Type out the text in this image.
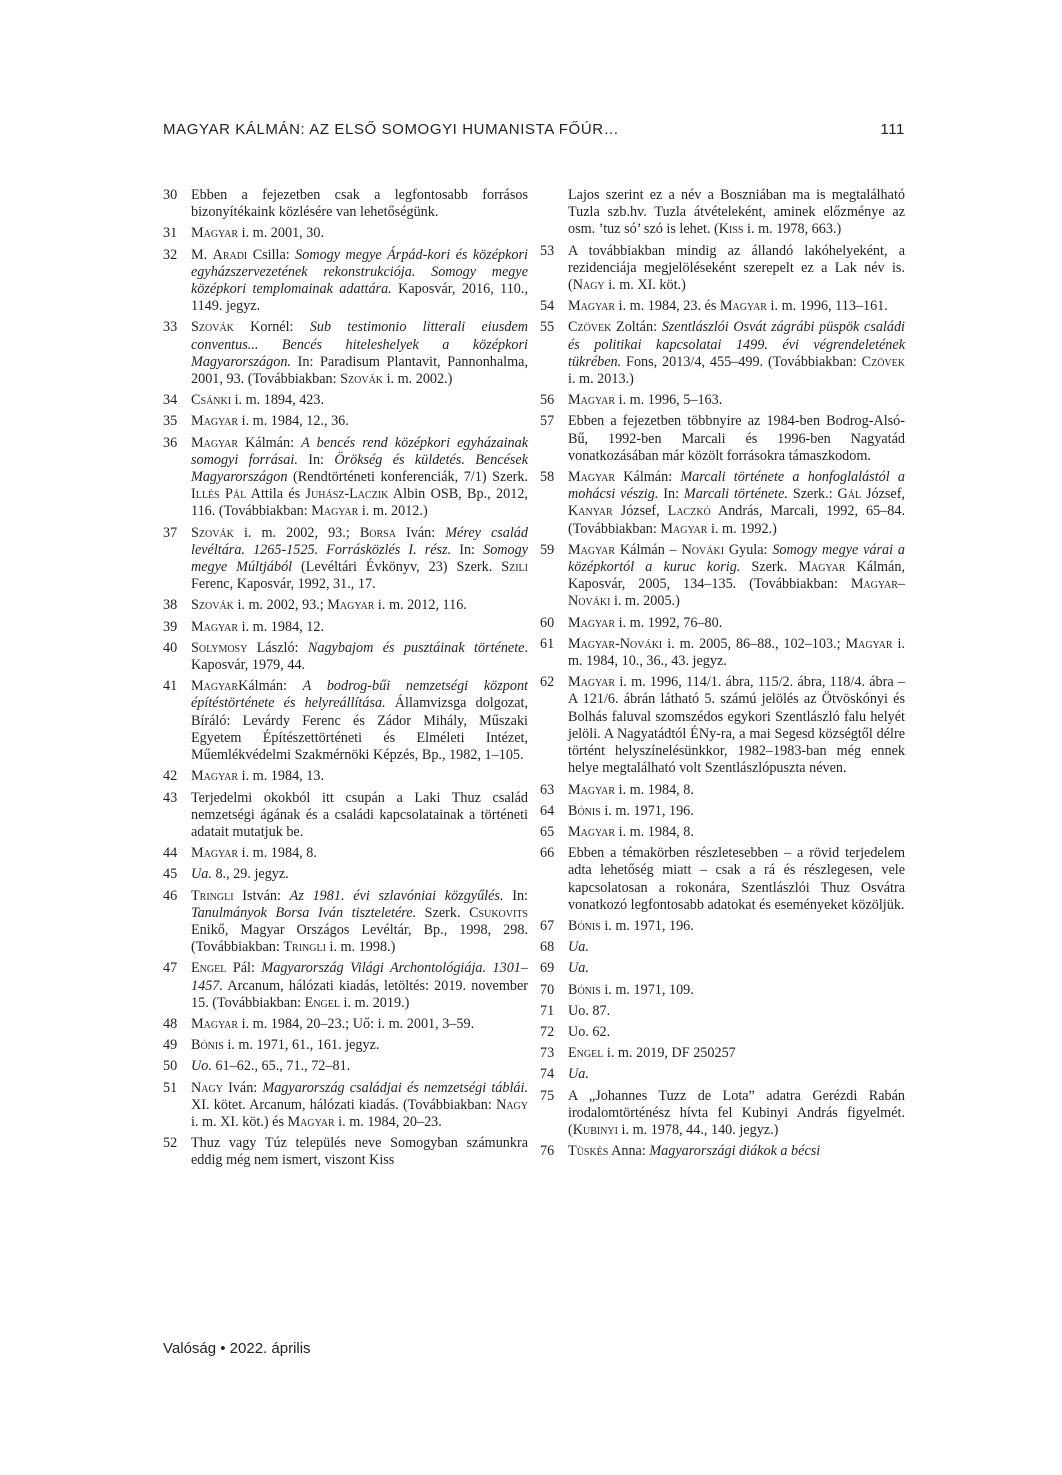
MAGYAR KÁLMÁN: AZ ELSŐ SOMOGYI HUMANISTA FŐÚR…	111
30 Ebben a fejezetben csak a legfontosabb forrásos bizonyítékaink közlésére van lehetőségünk.
31 Magyar i. m. 2001, 30.
32 M. Aradi Csilla: Somogy megye Árpád-kori és középkori egyházszervezetének rekonstrukciója. Somogy megye középkori templomainak adattára. Kaposvár, 2016, 110., 1149. jegyz.
33 Szovák Kornél: Sub testimonio litterali eiusdem conventus... Bencés hiteleshelyek a középkori Magyarországon. In: Paradisum Plantavit, Pannonhalma, 2001, 93. (Továbbiakban: Szovák i. m. 2002.)
34 Csánki i. m. 1894, 423.
35 Magyar i. m. 1984, 12., 36.
36 Magyar Kálmán: A bencés rend középkori egyházainak somogyi forrásai. In: Örökség és küldetés. Bencések Magyarországon (Rendtörténeti konferenciák, 7/1) Szerk. Illés Pál Attila és Juhász-Laczik Albin OSB, Bp., 2012, 116. (Továbbiakban: Magyar i. m. 2012.)
37 Szovák i. m. 2002, 93.; Borsa Iván: Mérey család levéltára. 1265-1525. Forrásközlés I. rész. In: Somogy megye Múltjából (Levéltári Évkönyv, 23) Szerk. Szili Ferenc, Kaposvár, 1992, 31., 17.
38 Szovák i. m. 2002, 93.; Magyar i. m. 2012, 116.
39 Magyar i. m. 1984, 12.
40 Solymosy László: Nagybajom és pusztáinak története. Kaposvár, 1979, 44.
41 MagyarKálmán: A bodrog-bűi nemzetségi központ építéstörténete és helyreállítása. Államvizsga dolgozat, Bíráló: Levárdy Ferenc és Zádor Mihály, Műszaki Egyetem Építészettörténeti és Elméleti Intézet, Műemlékvédelmi Szakmérnöki Képzés, Bp., 1982, 1–105.
42 Magyar i. m. 1984, 13.
43 Terjedelmi okokból itt csupán a Laki Thuz család nemzetségi ágának és a családi kapcsolatainak a történeti adatait mutatjuk be.
44 Magyar i. m. 1984, 8.
45 Ua. 8., 29. jegyz.
46 Tringli István: Az 1981. évi szlavóniai közgyűlés. In: Tanulmányok Borsa Iván tiszteletére. Szerk. Csukovits Enikő, Magyar Országos Levéltár, Bp., 1998, 298. (Továbbiakban: Tringli i. m. 1998.)
47 Engel Pál: Magyarország Világi Archontológiája. 1301–1457. Arcanum, hálózati kiadás, letöltés: 2019. november 15. (Továbbiakban: Engel i. m. 2019.)
48 Magyar i. m. 1984, 20–23.; Uő: i. m. 2001, 3–59.
49 Bónis i. m. 1971, 61., 161. jegyz.
50 Uo. 61–62., 65., 71., 72–81.
51 Nagy Iván: Magyarország családjai és nemzetségi táblái. XI. kötet. Arcanum, hálózati kiadás. (Továbbiakban: Nagy i. m. XI. köt.) és Magyar i. m. 1984, 20–23.
52 Thuz vagy Túz település neve Somogyban számunkra eddig még nem ismert, viszont Kiss
Lajos szerint ez a név a Boszniában ma is megtalálható Tuzla szb.hv. Tuzla átvételeként, aminek előzménye az osm. ’tuz só’ szó is lehet. (Kiss i. m. 1978, 663.)
53 A továbbiakban mindig az állandó lakóhelyeként, a rezidenciája megjelöléseként szerepelt ez a Lak név is. (Nagy i. m. XI. köt.)
54 Magyar i. m. 1984, 23. és Magyar i. m. 1996, 113–161.
55 Czövek Zoltán: Szentlászlói Osvát zágrábi püspök családi és politikai kapcsolatai 1499. évi végrendeletének tükrében. Fons, 2013/4, 455–499. (Továbbiakban: Czövek i. m. 2013.)
56 Magyar i. m. 1996, 5–163.
57 Ebben a fejezetben többnyire az 1984-ben Bodrog-Alsó-Bű, 1992-ben Marcali és 1996-ben Nagyatád vonatkozásában már közölt forrásokra támaszkodom.
58 Magyar Kálmán: Marcali története a honfoglalástól a mohácsi vészig. In: Marcali története. Szerk.: Gál József, Kanyar József, Laczkó András, Marcali, 1992, 65–84. (Továbbiakban: Magyar i. m. 1992.)
59 Magyar Kálmán – Nováki Gyula: Somogy megye várai a középkortól a kuruc korig. Szerk. Magyar Kálmán, Kaposvár, 2005, 134–135. (Továbbiakban: Magyar–Nováki i. m. 2005.)
60 Magyar i. m. 1992, 76–80.
61 Magyar-Nováki i. m. 2005, 86–88., 102–103.; Magyar i. m. 1984, 10., 36., 43. jegyz.
62 Magyar i. m. 1996, 114/1. ábra, 115/2. ábra, 118/4. ábra – A 121/6. ábrán látható 5. számú jelölés az Ötvöskónyi és Bolhás faluval szomszédos egykori Szentlászló falu helyét jelöli. A Nagyatádtól ÉNy-ra, a mai Segesd községtől délre történt helyszínelésünkkor, 1982–1983-ban még ennek helye megtalálható volt Szentlászlópuszta néven.
63 Magyar i. m. 1984, 8.
64 Bónis i. m. 1971, 196.
65 Magyar i. m. 1984, 8.
66 Ebben a témakörben részletesebben – a rövid terjedelem adta lehetőség miatt – csak a rá és részlegesen, vele kapcsolatosan a rokonára, Szentlászlói Thuz Osvátra vonatkozó legfontosabb adatokat és eseményeket közöljük.
67 Bónis i. m. 1971, 196.
68 Ua.
69 Ua.
70 Bónis i. m. 1971, 109.
71 Uo. 87.
72 Uo. 62.
73 Engel i. m. 2019, DF 250257
74 Ua.
75 A „Johannes Tuzz de Lota” adatra Gerézdi Rabán irodalomtörténész hívta fel Kubinyi András figyelmét. (Kubinyi i. m. 1978, 44., 140. jegyz.)
76 Tüskés Anna: Magyarországi diákok a bécsi
Valóság • 2022. április
